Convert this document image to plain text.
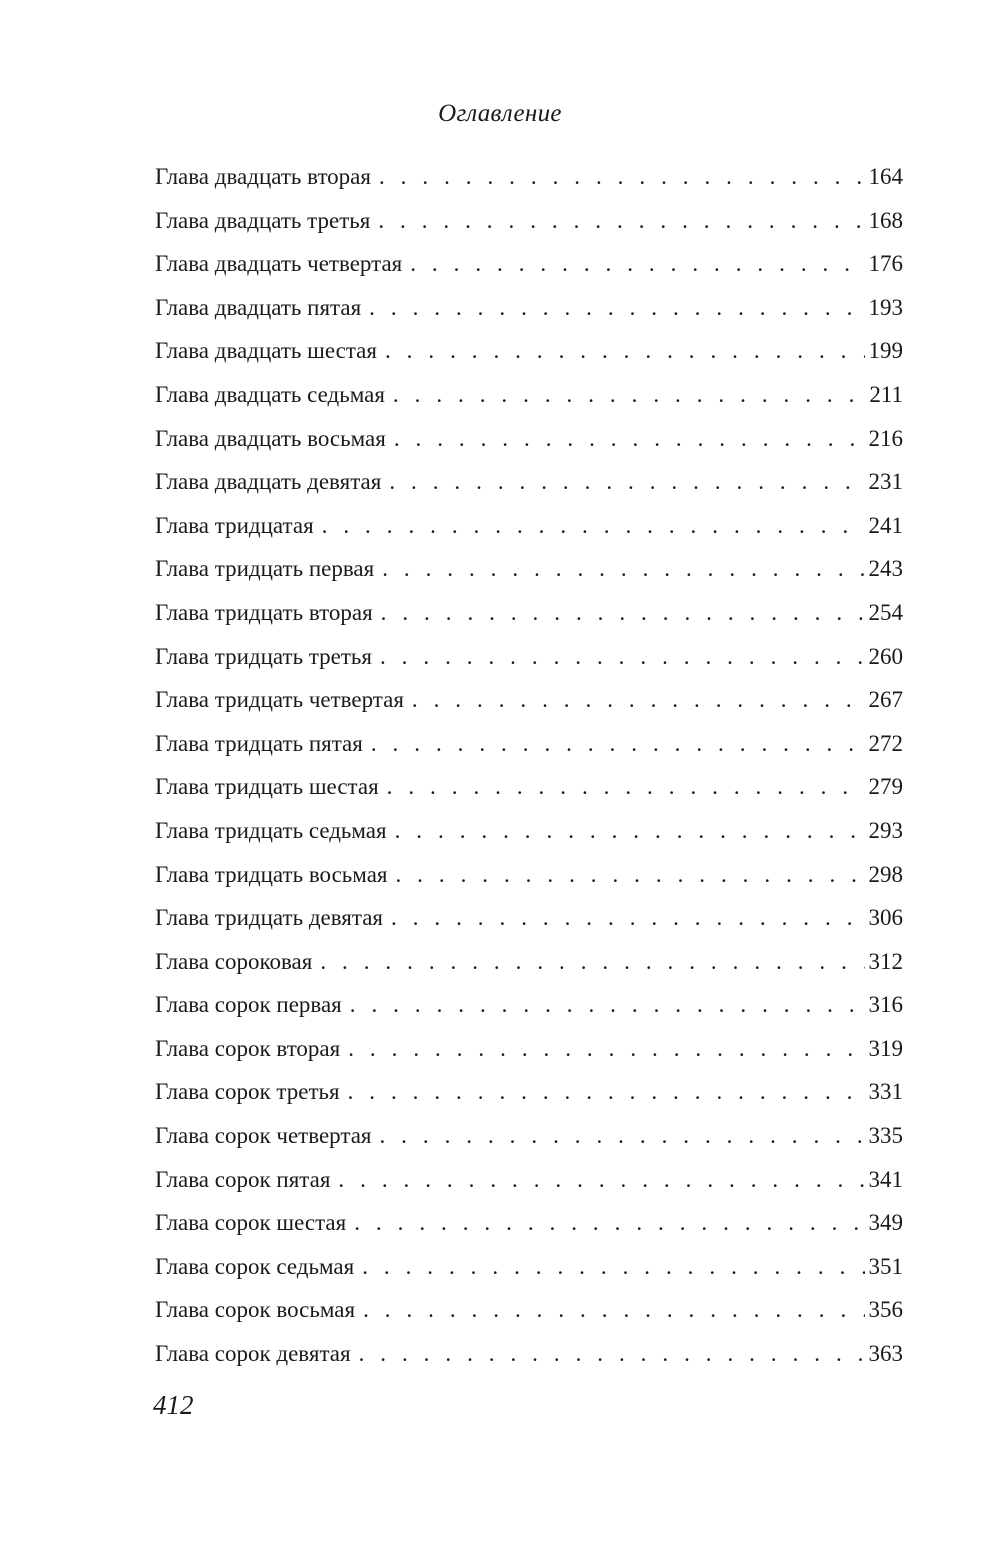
Оглавление
Глава двадцать вторая . . .	164
Глава двадцать третья . . .	168
Глава двадцать четвертая . . .	176
Глава двадцать пятая . . .	193
Глава двадцать шестая . . .	199
Глава двадцать седьмая . . .	211
Глава двадцать восьмая . . .	216
Глава двадцать девятая . . .	231
Глава тридцатая . . .	241
Глава тридцать первая . . .	243
Глава тридцать вторая . . .	254
Глава тридцать третья . . .	260
Глава тридцать четвертая . . .	267
Глава тридцать пятая . . .	272
Глава тридцать шестая . . .	279
Глава тридцать седьмая . . .	293
Глава тридцать восьмая . . .	298
Глава тридцать девятая . . .	306
Глава сороковая . . .	312
Глава сорок первая . . .	316
Глава сорок вторая . . .	319
Глава сорок третья . . .	331
Глава сорок четвертая . . .	335
Глава сорок пятая . . .	341
Глава сорок шестая . . .	349
Глава сорок седьмая . . .	351
Глава сорок восьмая . . .	356
Глава сорок девятая . . .	363
412
